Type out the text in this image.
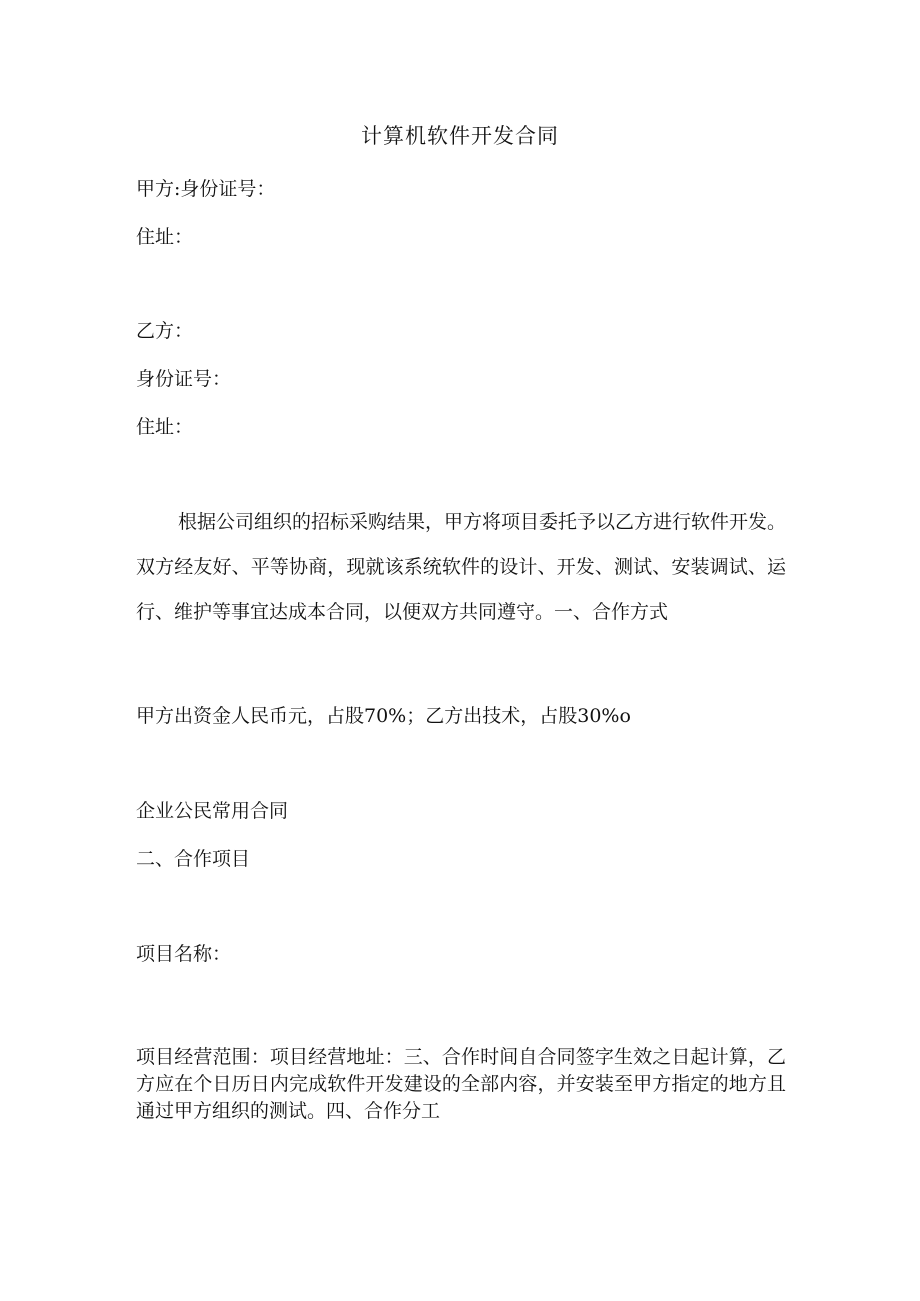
计算机软件开发合同
甲方:身份证号：
住址：
乙方：
身份证号：
住址：
根据公司组织的招标采购结果，甲方将项目委托予以乙方进行软件开发。双方经友好、平等协商，现就该系统软件的设计、开发、测试、安装调试、运行、维护等事宜达成本合同，以便双方共同遵守。一、合作方式
甲方出资金人民币元，占股70%；乙方出技术，占股30%o
企业公民常用合同
二、合作项目
项目名称：
项目经营范围：项目经营地址：三、合作时间自合同签字生效之日起计算，乙方应在个日历日内完成软件开发建设的全部内容，并安装至甲方指定的地方且通过甲方组织的测试。四、合作分工
